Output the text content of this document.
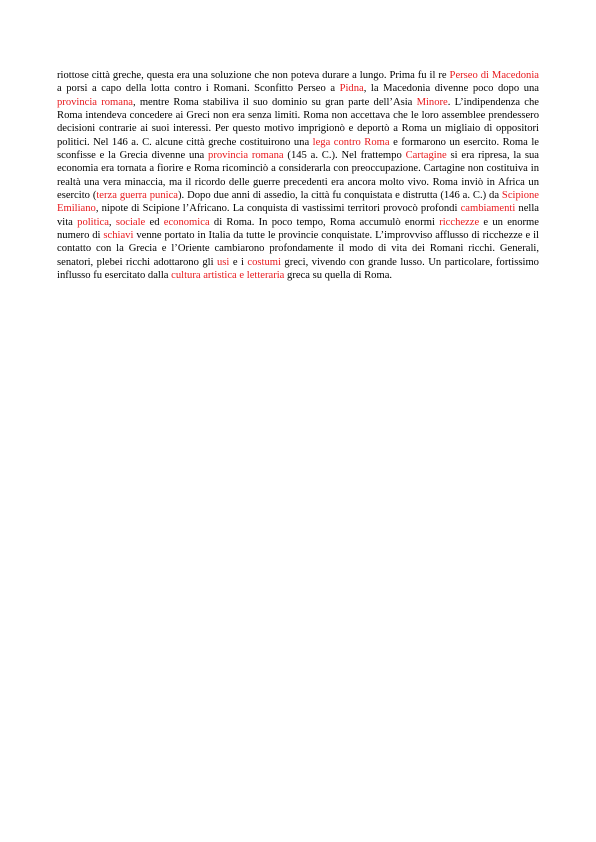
riottose città greche, questa era una soluzione che non poteva durare a lungo. Prima fu il re Perseo di Macedonia a porsi a capo della lotta contro i Romani. Sconfitto Perseo a Pidna, la Macedonia divenne poco dopo una provincia romana, mentre Roma stabiliva il suo dominio su gran parte dell’Asia Minore. L’indipendenza che Roma intendeva concedere ai Greci non era senza limiti. Roma non accettava che le loro assemblee prendessero decisioni contrarie ai suoi interessi. Per questo motivo imprigionò e deportò a Roma un migliaio di oppositori politici. Nel 146 a. C. alcune città greche costituirono una lega contro Roma e formarono un esercito. Roma le sconfisse e la Grecia divenne una provincia romana (145 a. C.). Nel frattempo Cartagine si era ripresa, la sua economia era tornata a fiorire e Roma ricominciò a considerarla con preoccupazione. Cartagine non costituiva in realtà una vera minaccia, ma il ricordo delle guerre precedenti era ancora molto vivo. Roma inviò in Africa un esercito (terza guerra punica). Dopo due anni di assedio, la città fu conquistata e distrutta (146 a. C.) da Scipione Emiliano, nipote di Scipione l’Africano. La conquista di vastissimi territori provocò profondi cambiamenti nella vita politica, sociale ed economica di Roma. In poco tempo, Roma accumulò enormi ricchezze e un enorme numero di schiavi venne portato in Italia da tutte le provincie conquistate. L’improvviso afflusso di ricchezze e il contatto con la Grecia e l’Oriente cambiarono profondamente il modo di vita dei Romani ricchi. Generali, senatori, plebei ricchi adottarono gli usi e i costumi greci, vivendo con grande lusso. Un particolare, fortissimo influsso fu esercitato dalla cultura artistica e letteraria greca su quella di Roma.
